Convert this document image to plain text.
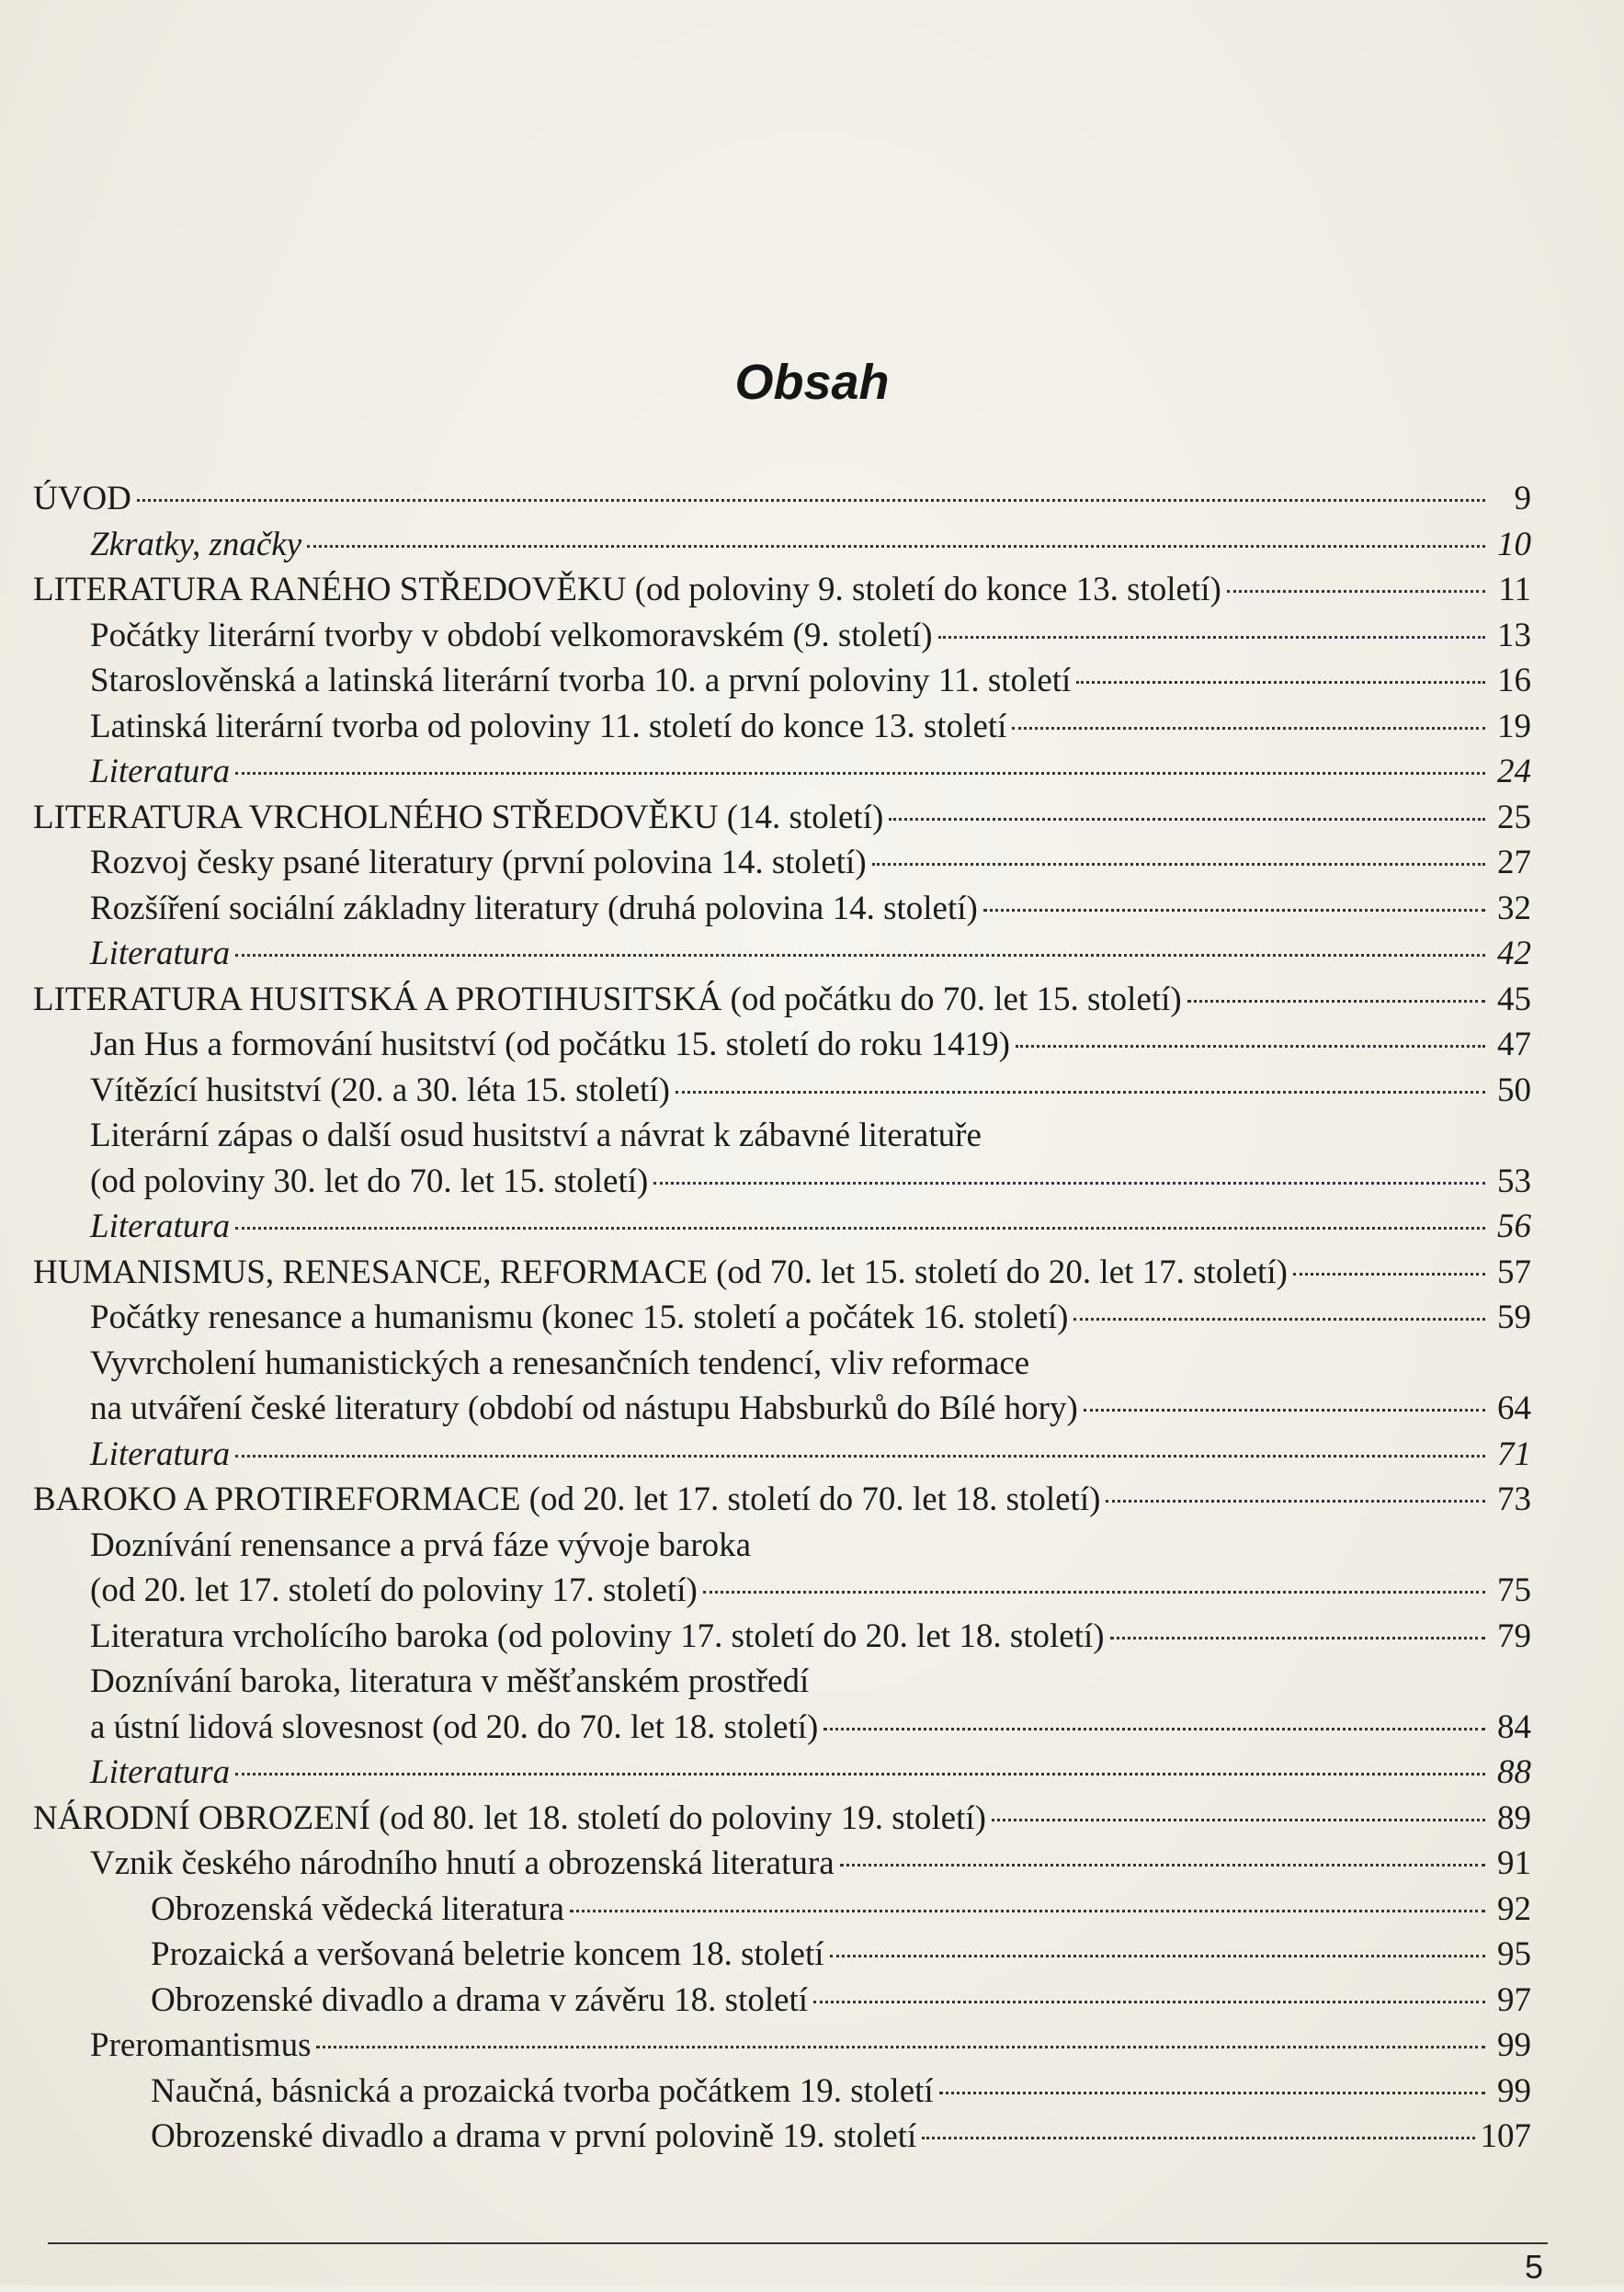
Obsah
ÚVOD	9
Zkratky, značky	10
LITERATURA RANÉHO STŘEDOVĚKU (od poloviny 9. století do konce 13. století)	11
Počátky literární tvorby v období velkomoravském (9. století)	13
Staroslověnská a latinská literární tvorba 10. a první poloviny 11. století	16
Latinská literární tvorba od poloviny 11. století do konce 13. století	19
Literatura	24
LITERATURA VRCHOLNÉHO STŘEDOVĚKU (14. století)	25
Rozvoj česky psané literatury (první polovina 14. století)	27
Rozšíření sociální základny literatury (druhá polovina 14. století)	32
Literatura	42
LITERATURA HUSITSKÁ A PROTIHUSITSKÁ (od počátku do 70. let 15. století)	45
Jan Hus a formování husitství (od počátku 15. století do roku 1419)	47
Vítězící husitství (20. a 30. léta 15. století)	50
Literární zápas o další osud husitství a návrat k zábavné literatuře
(od poloviny 30. let do 70. let 15. století)	53
Literatura	56
HUMANISMUS, RENESANCE, REFORMACE (od 70. let 15. století do 20. let 17. století)	57
Počátky renesance a humanismu (konec 15. století a počátek 16. století)	59
Vyvrcholení humanistických a renesančních tendencí, vliv reformace
na utváření české literatury (období od nástupu Habsburků do Bílé hory)	64
Literatura	71
BAROKO A PROTIREFORMACE (od 20. let 17. století do 70. let 18. století)	73
Doznívání renensance a prvá fáze vývoje baroka
(od 20. let 17. století do poloviny 17. století)	75
Literatura vrcholícího baroka (od poloviny 17. století do 20. let 18. století)	79
Doznívání baroka, literatura v měšťanském prostředí
a ústní lidová slovesnost (od 20. do 70. let 18. století)	84
Literatura	88
NÁRODNÍ OBROZENÍ (od 80. let 18. století do poloviny 19. století)	89
Vznik českého národního hnutí a obrozenská literatura	91
Obrozenská vědecká literatura	92
Prozaická a veršovaná beletrie koncem 18. století	95
Obrozenské divadlo a drama v závěru 18. století	97
Preromantismus	99
Naučná, básnická a prozaická tvorba počátkem 19. století	99
Obrozenské divadlo a drama v první polovině 19. století	107
5
